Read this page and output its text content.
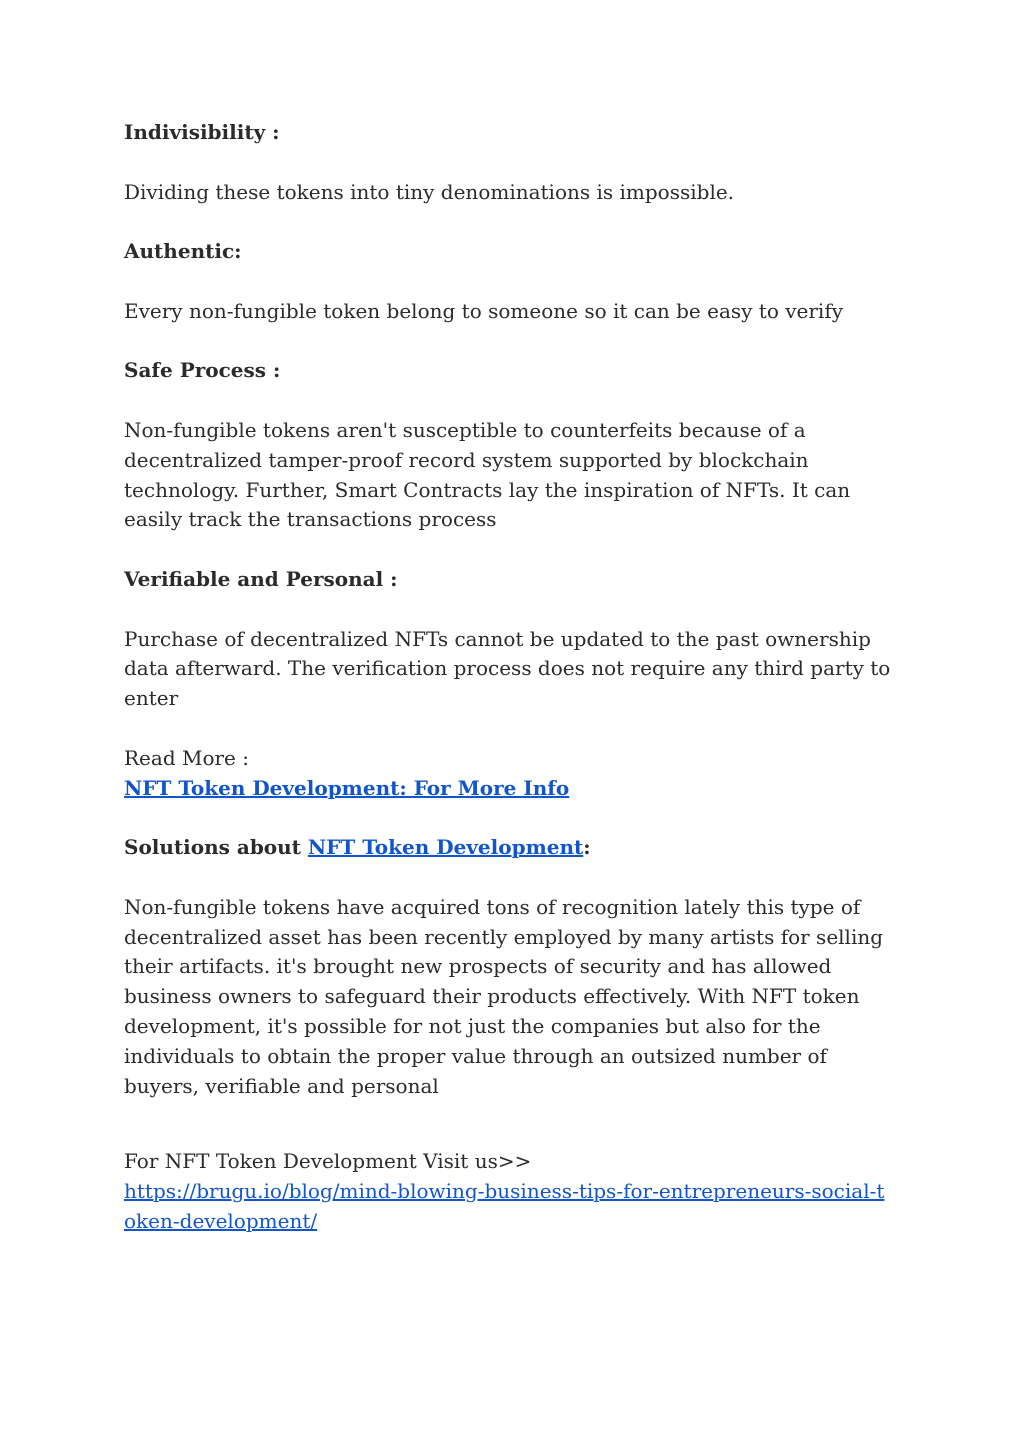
Indivisibility :

Dividing these tokens into tiny denominations is impossible.

Authentic:

Every non-fungible token belong to someone so it can be easy to verify

Safe Process :

Non-fungible tokens aren't susceptible to counterfeits because of a decentralized tamper-proof record system supported by blockchain technology. Further, Smart Contracts lay the inspiration of NFTs. It can easily track the transactions process

Verifiable and Personal :

Purchase of decentralized NFTs cannot be updated to the past ownership data afterward. The verification process does not require any third party to enter

Read More :

NFT Token Development: For More Info

Solutions about NFT Token Development:

Non-fungible tokens have acquired tons of recognition lately this type of decentralized asset has been recently employed by many artists for selling their artifacts. it's brought new prospects of security and has allowed business owners to safeguard their products effectively. With NFT token development, it's possible for not just the companies but also for the individuals to obtain the proper value through an outsized number of buyers, verifiable and personal

For NFT Token Development Visit us>>

https://brugu.io/blog/mind-blowing-business-tips-for-entrepreneurs-social-token-development/
